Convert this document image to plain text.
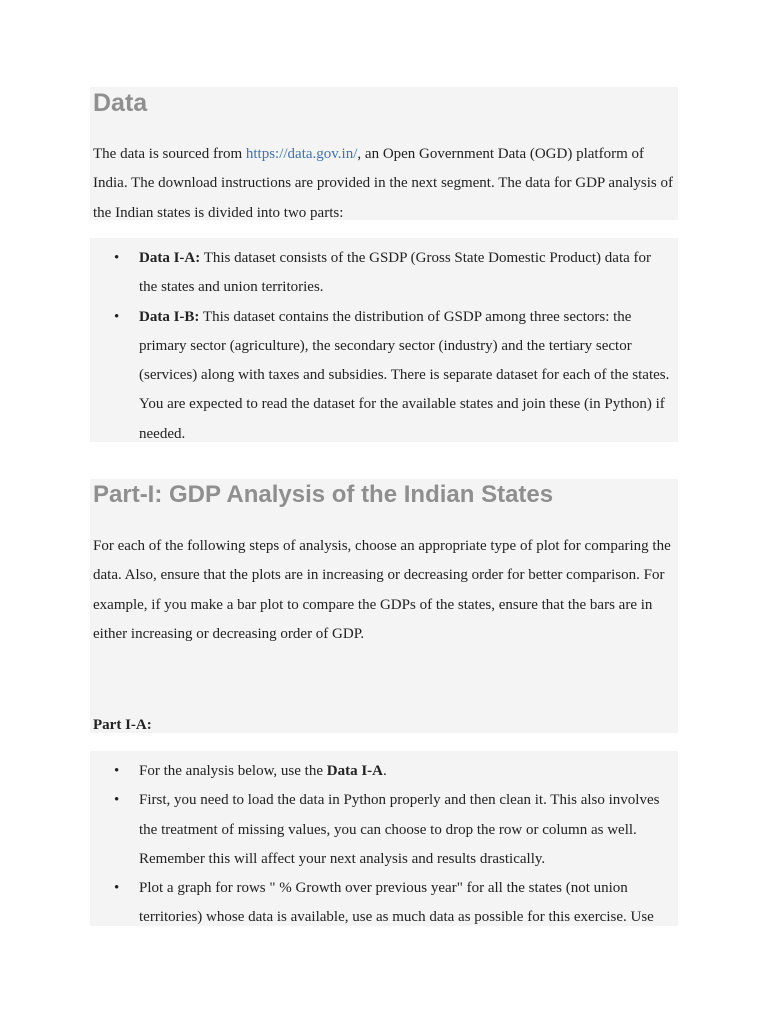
Data

The data is sourced from https://data.gov.in/, an Open Government Data (OGD) platform of India. The download instructions are provided in the next segment. The data for GDP analysis of the Indian states is divided into two parts:

• Data I-A: This dataset consists of the GSDP (Gross State Domestic Product) data for the states and union territories.
• Data I-B: This dataset contains the distribution of GSDP among three sectors: the primary sector (agriculture), the secondary sector (industry) and the tertiary sector (services) along with taxes and subsidies. There is separate dataset for each of the states. You are expected to read the dataset for the available states and join these (in Python) if needed.
Part-I: GDP Analysis of the Indian States

For each of the following steps of analysis, choose an appropriate type of plot for comparing the data. Also, ensure that the plots are in increasing or decreasing order for better comparison. For example, if you make a bar plot to compare the GDPs of the states, ensure that the bars are in either increasing or decreasing order of GDP.

Part I-A:
• For the analysis below, use the Data I-A.
• First, you need to load the data in Python properly and then clean it. This also involves the treatment of missing values, you can choose to drop the row or column as well. Remember this will affect your next analysis and results drastically.
• Plot a graph for rows " % Growth over previous year" for all the states (not union territories) whose data is available, use as much data as possible for this exercise. Use
